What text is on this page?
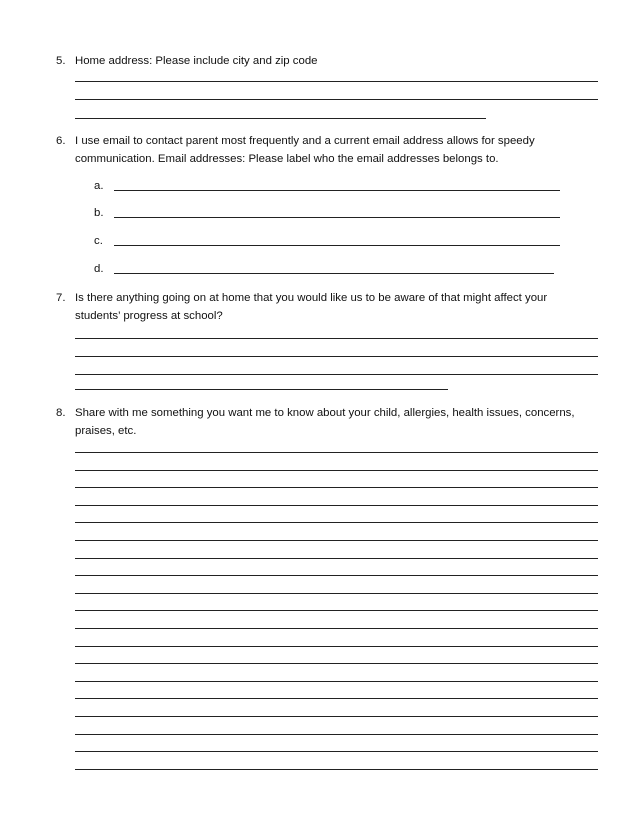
5. Home address: Please include city and zip code
6. I use email to contact parent most frequently and a current email address allows for speedy communication. Email addresses: Please label who the email addresses belongs to.
a.
b.
c.
d.
7. Is there anything going on at home that you would like us to be aware of that might affect your students’ progress at school?
8. Share with me something you want me to know about your child, allergies, health issues, concerns, praises, etc.
